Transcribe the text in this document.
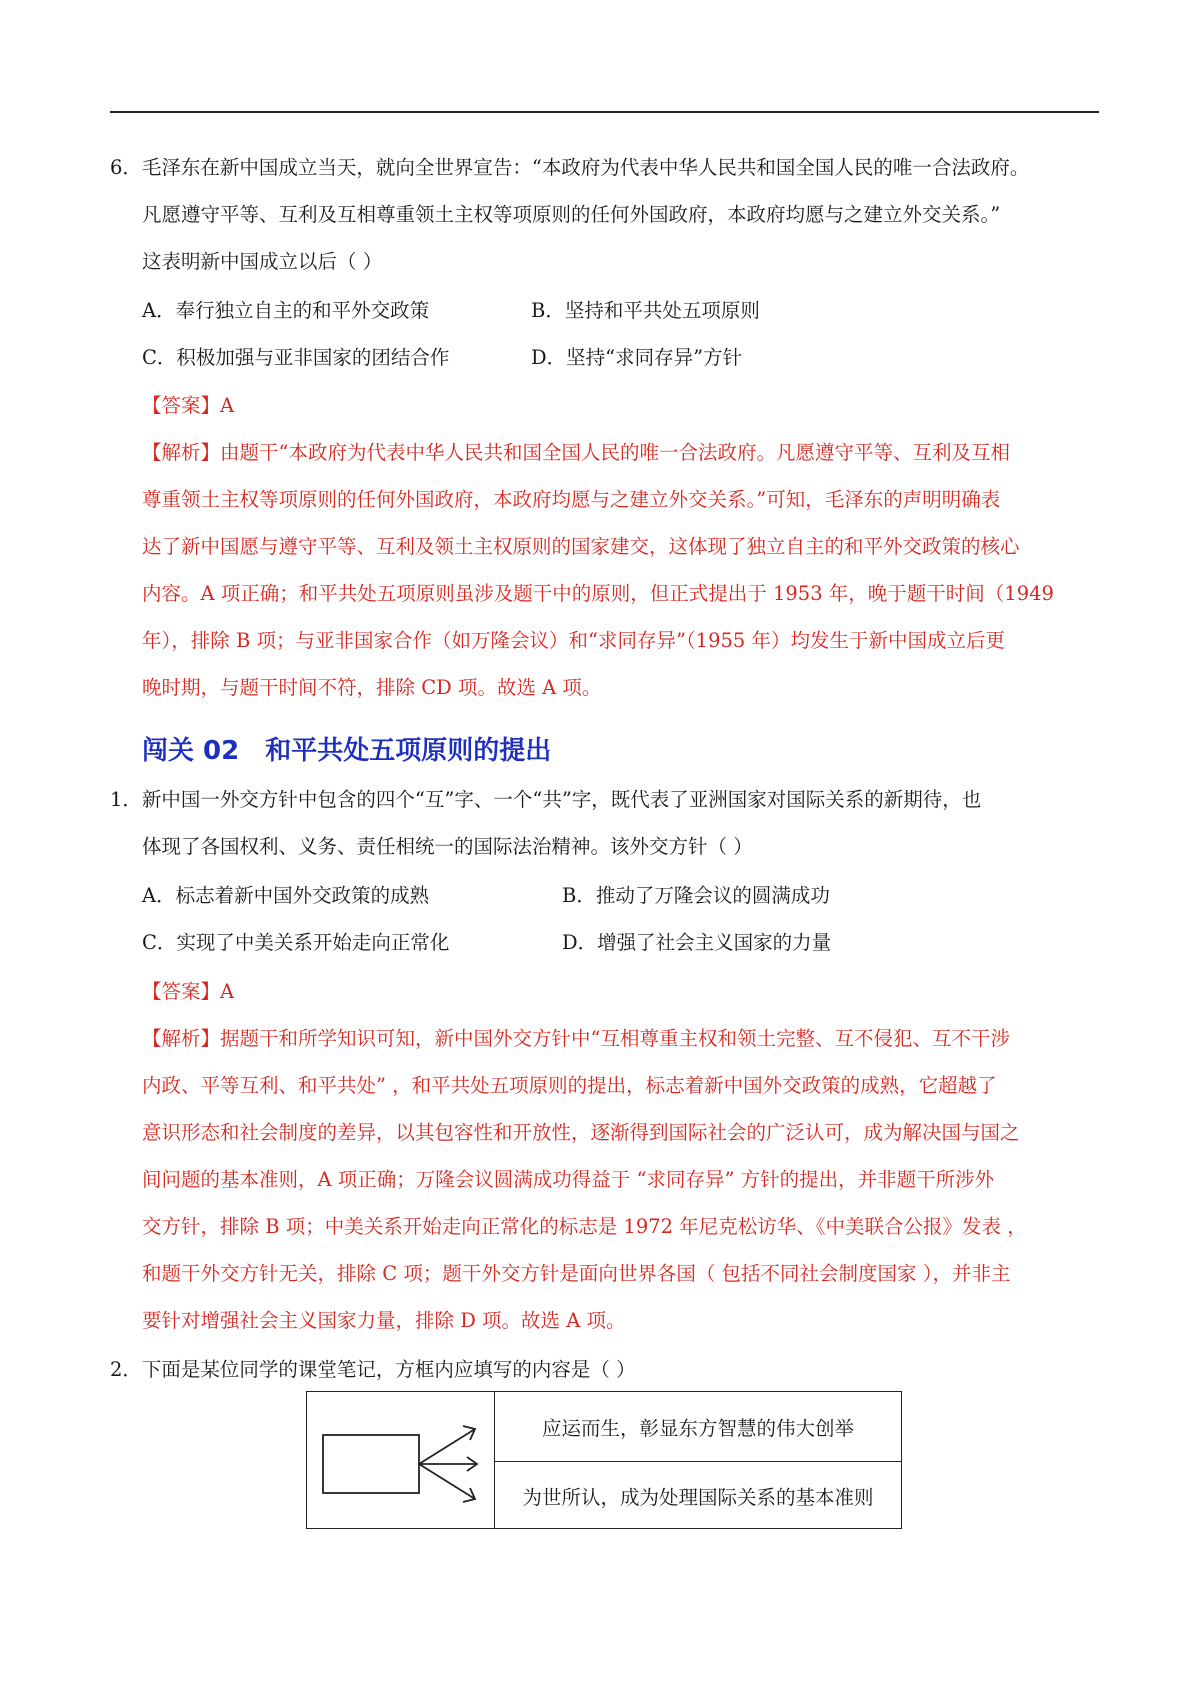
6．毛泽东在新中国成立当天，就向全世界宣告：“本政府为代表中华人民共和国全国人民的唯一合法政府。
凡愿遵守平等、互利及互相尊重领土主权等项原则的任何外国政府，本政府均愿与之建立外交关系。”
这表明新中国成立以后（ ）
A．奉行独立自主的和平外交政策	B．坚持和平共处五项原则
C．积极加强与亚非国家的团结合作	D．坚持“求同存异”方针
【答案】A
【解析】由题干“本政府为代表中华人民共和国全国人民的唯一合法政府。凡愿遵守平等、互利及互相
尊重领土主权等项原则的任何外国政府，本政府均愿与之建立外交关系。”可知，毛泽东的声明明确表
达了新中国愿与遵守平等、互利及领土主权原则的国家建交，这体现了独立自主的和平外交政策的核心
内容。A 项正确；和平共处五项原则虽涉及题干中的原则，但正式提出于 1953 年，晚于题干时间（1949
年），排除 B 项；与亚非国家合作（如万隆会议）和“求同存异”（1955 年）均发生于新中国成立后更
晚时期，与题干时间不符，排除 CD 项。故选 A 项。
闯关 02 和平共处五项原则的提出
1．新中国一外交方针中包含的四个“互”字、一个“共”字，既代表了亚洲国家对国际关系的新期待，也
体现了各国权利、义务、责任相统一的国际法治精神。该外交方针（ ）
A．标志着新中国外交政策的成熟	B．推动了万隆会议的圆满成功
C．实现了中美关系开始走向正常化	D．增强了社会主义国家的力量
【答案】A
【解析】据题干和所学知识可知，新中国外交方针中“互相尊重主权和领土完整、互不侵犯、互不干涉
内政、平等互利、和平共处” ，和平共处五项原则的提出，标志着新中国外交政策的成熟，它超越了
意识形态和社会制度的差异，以其包容性和开放性，逐渐得到国际社会的广泛认可，成为解决国与国之
间问题的基本准则，A 项正确；万隆会议圆满成功得益于 “求同存异” 方针的提出，并非题干所涉外
交方针，排除 B 项；中美关系开始走向正常化的标志是 1972 年尼克松访华、《中美联合公报》发表 ，
和题干外交方针无关，排除 C 项；题干外交方针是面向世界各国（ 包括不同社会制度国家 ），并非主
要针对增强社会主义国家力量，排除 D 项。故选 A 项。
2．下面是某位同学的课堂笔记，方框内应填写的内容是（ ）
应运而生，彰显东方智慧的伟大创举
为世所认，成为处理国际关系的基本准则
